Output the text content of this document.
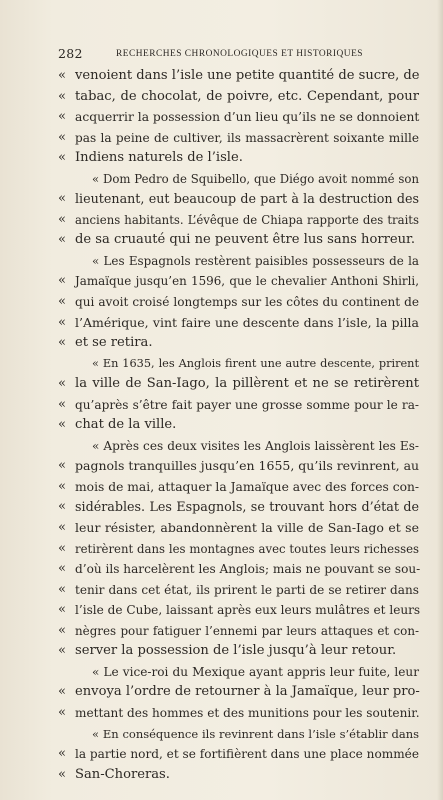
282	RECHERCHES CHRONOLOGIQUES ET HISTORIQUES
« venoient dans l’isle une petite quantité de sucre, de
« tabac, de chocolat, de poivre, etc. Cependant, pour
« acquerrir la possession d’un lieu qu’ils ne se donnoient
« pas la peine de cultiver, ils massacrèrent soixante mille
« Indiens naturels de l’isle.
« Dom Pedro de Squibello, que Diégo avoit nommé son
« lieutenant, eut beaucoup de part à la destruction des
« anciens habitants. L’évêque de Chiapa rapporte des traits
« de sa cruauté qui ne peuvent être lus sans horreur.
« Les Espagnols restèrent paisibles possesseurs de la
« Jamaïque jusqu’en 1596, que le chevalier Anthoni Shirli,
« qui avoit croisé longtemps sur les côtes du continent de
« l’Amérique, vint faire une descente dans l’isle, la pilla
« et se retira.
« En 1635, les Anglois firent une autre descente, prirent
« la ville de San-Iago, la pillèrent et ne se retirèrent
« qu’après s’être fait payer une grosse somme pour le ra-
« chat de la ville.
« Après ces deux visites les Anglois laissèrent les Es-
« pagnols tranquilles jusqu’en 1655, qu’ils revinrent, au
« mois de mai, attaquer la Jamaïque avec des forces con-
« sidérables. Les Espagnols, se trouvant hors d’état de
« leur résister, abandonnèrent la ville de San-Iago et se
« retirèrent dans les montagnes avec toutes leurs richesses
« d’où ils harcelèrent les Anglois; mais ne pouvant se sou-
« tenir dans cet état, ils prirent le parti de se retirer dans
« l’isle de Cube, laissant après eux leurs mulâtres et leurs
« nègres pour fatiguer l’ennemi par leurs attaques et con-
« server la possession de l’isle jusqu’à leur retour.
« Le vice-roi du Mexique ayant appris leur fuite, leur
« envoya l’ordre de retourner à la Jamaïque, leur pro-
« mettant des hommes et des munitions pour les soutenir.
« En conséquence ils revinrent dans l’isle s’établir dans
« la partie nord, et se fortifièrent dans une place nommée
« San-Choreras.
